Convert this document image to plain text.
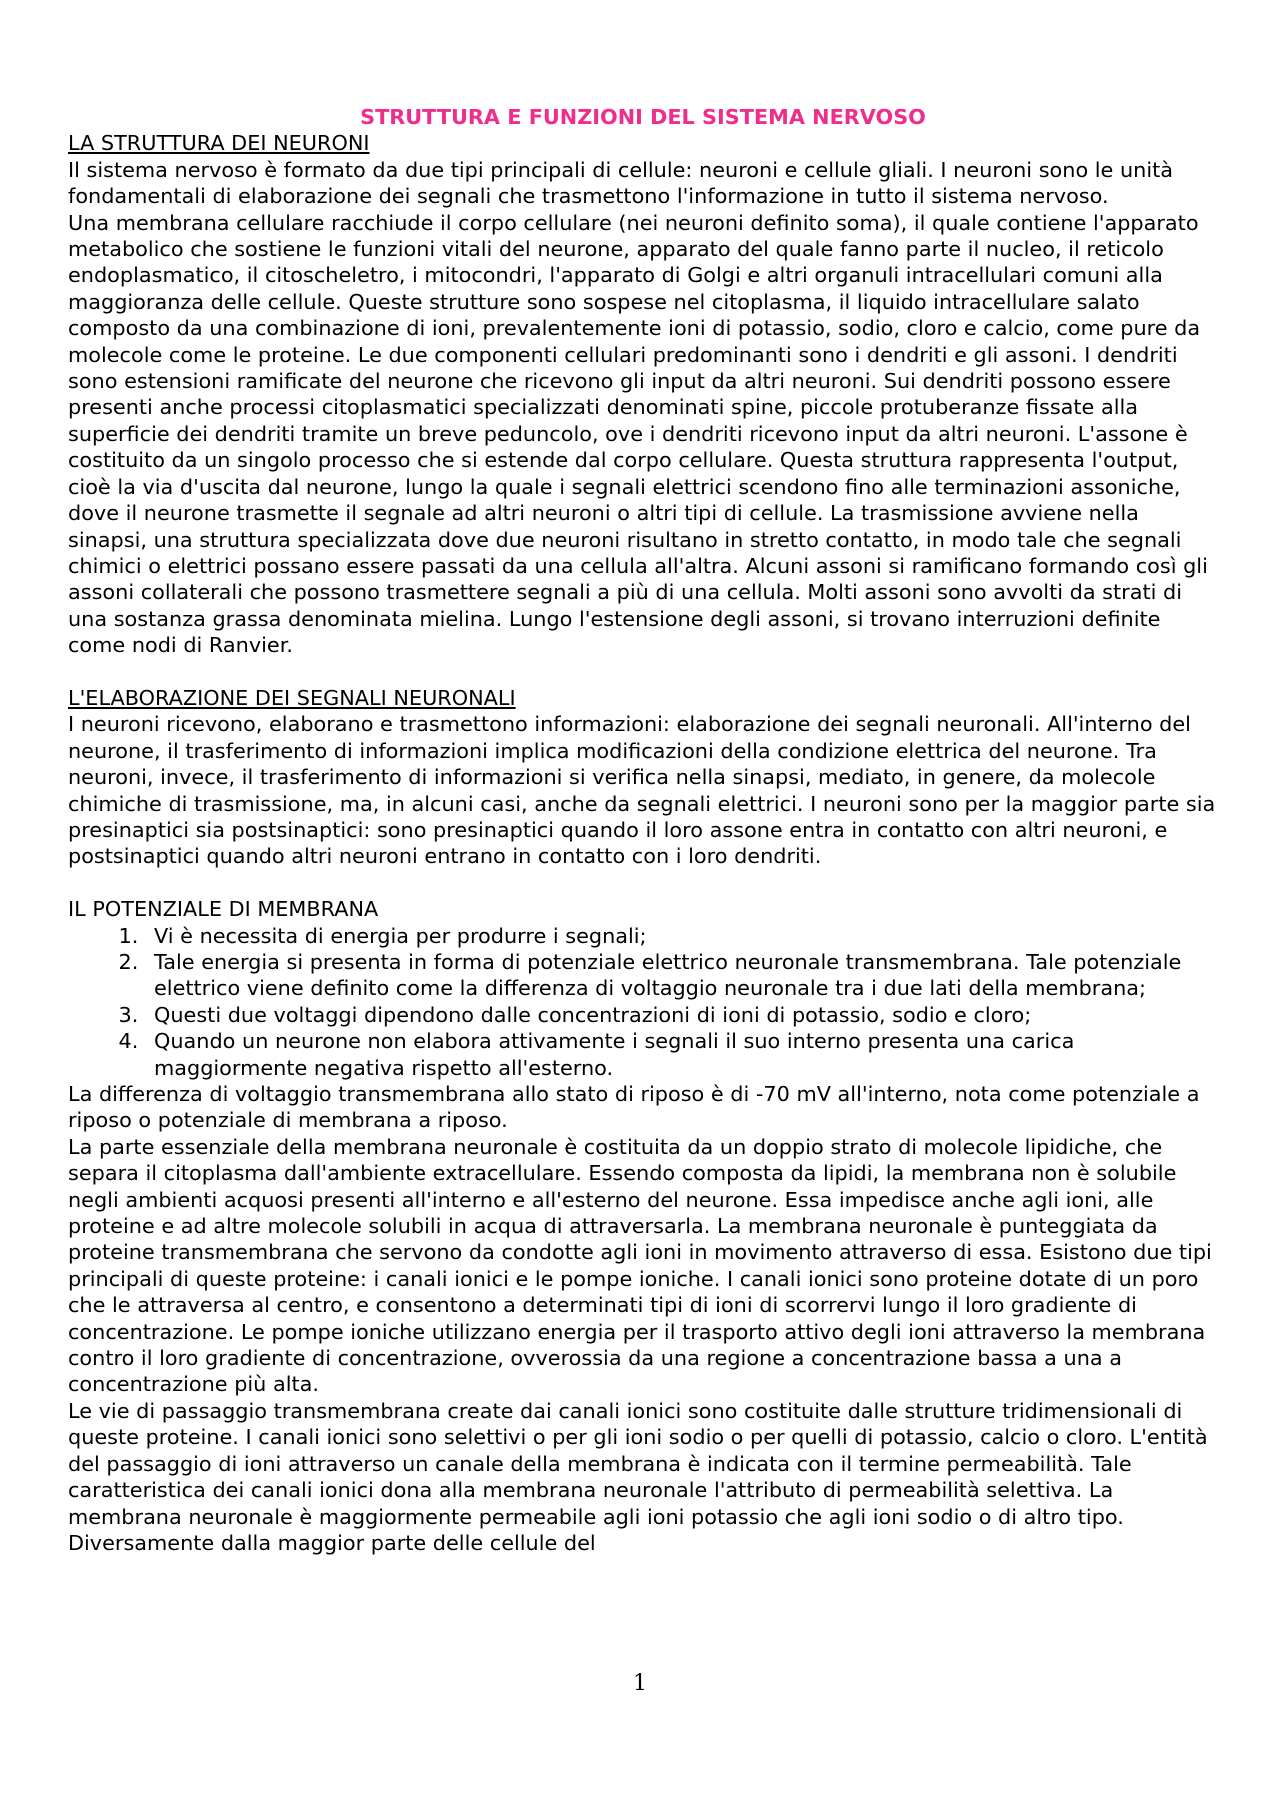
STRUTTURA E FUNZIONI DEL SISTEMA NERVOSO
LA STRUTTURA DEI NEURONI

Il sistema nervoso è formato da due tipi principali di cellule: neuroni e cellule gliali. I neuroni sono le unità fondamentali di elaborazione dei segnali che trasmettono l'informazione in tutto il sistema nervoso.

Una membrana cellulare racchiude il corpo cellulare (nei neuroni definito soma), il quale contiene l'apparato metabolico che sostiene le funzioni vitali del neurone, apparato del quale fanno parte il nucleo, il reticolo endoplasmatico, il citoscheletro, i mitocondri, l'apparato di Golgi e altri organuli intracellulari comuni alla maggioranza delle cellule. Queste strutture sono sospese nel citoplasma, il liquido intracellulare salato composto da una combinazione di ioni, prevalentemente ioni di potassio, sodio, cloro e calcio, come pure da molecole come le proteine. Le due componenti cellulari predominanti sono i dendriti e gli assoni. I dendriti sono estensioni ramificate del neurone che ricevono gli input da altri neuroni. Sui dendriti possono essere presenti anche processi citoplasmatici specializzati denominati spine, piccole protuberanze fissate alla superficie dei dendriti tramite un breve peduncolo, ove i dendriti ricevono input da altri neuroni. L'assone è costituito da un singolo processo che si estende dal corpo cellulare. Questa struttura rappresenta l'output, cioè la via d'uscita dal neurone, lungo la quale i segnali elettrici scendono fino alle terminazioni assoniche, dove il neurone trasmette il segnale ad altri neuroni o altri tipi di cellule. La trasmissione avviene nella sinapsi, una struttura specializzata dove due neuroni risultano in stretto contatto, in modo tale che segnali chimici o elettrici possano essere passati da una cellula all'altra. Alcuni assoni si ramificano formando così gli assoni collaterali che possono trasmettere segnali a più di una cellula. Molti assoni sono avvolti da strati di una sostanza grassa denominata mielina. Lungo l'estensione degli assoni, si trovano interruzioni definite come nodi di Ranvier.

L'ELABORAZIONE DEI SEGNALI NEURONALI

I neuroni ricevono, elaborano e trasmettono informazioni: elaborazione dei segnali neuronali. All'interno del neurone, il trasferimento di informazioni implica modificazioni della condizione elettrica del neurone. Tra neuroni, invece, il trasferimento di informazioni si verifica nella sinapsi, mediato, in genere, da molecole chimiche di trasmissione, ma, in alcuni casi, anche da segnali elettrici. I neuroni sono per la maggior parte sia presinaptici sia postsinaptici: sono presinaptici quando il loro assone entra in contatto con altri neuroni, e postsinaptici quando altri neuroni entrano in contatto con i loro dendriti.

IL POTENZIALE DI MEMBRANA
1. Vi è necessita di energia per produrre i segnali;
2. Tale energia si presenta in forma di potenziale elettrico neuronale transmembrana. Tale potenziale elettrico viene definito come la differenza di voltaggio neuronale tra i due lati della membrana;
3. Questi due voltaggi dipendono dalle concentrazioni di ioni di potassio, sodio e cloro;
4. Quando un neurone non elabora attivamente i segnali il suo interno presenta una carica maggiormente negativa rispetto all'esterno.

La differenza di voltaggio transmembrana allo stato di riposo è di -70 mV all'interno, nota come potenziale a riposo o potenziale di membrana a riposo.

La parte essenziale della membrana neuronale è costituita da un doppio strato di molecole lipidiche, che separa il citoplasma dall'ambiente extracellulare. Essendo composta da lipidi, la membrana non è solubile negli ambienti acquosi presenti all'interno e all'esterno del neurone. Essa impedisce anche agli ioni, alle proteine e ad altre molecole solubili in acqua di attraversarla. La membrana neuronale è punteggiata da proteine transmembrana che servono da condotte agli ioni in movimento attraverso di essa. Esistono due tipi principali di queste proteine: i canali ionici e le pompe ioniche. I canali ionici sono proteine dotate di un poro che le attraversa al centro, e consentono a determinati tipi di ioni di scorrervi lungo il loro gradiente di concentrazione. Le pompe ioniche utilizzano energia per il trasporto attivo degli ioni attraverso la membrana contro il loro gradiente di concentrazione, ovverossia da una regione a concentrazione bassa a una a concentrazione più alta.

Le vie di passaggio transmembrana create dai canali ionici sono costituite dalle strutture tridimensionali di queste proteine. I canali ionici sono selettivi o per gli ioni sodio o per quelli di potassio, calcio o cloro. L'entità del passaggio di ioni attraverso un canale della membrana è indicata con il termine permeabilità. Tale caratteristica dei canali ionici dona alla membrana neuronale l'attributo di permeabilità selettiva. La membrana neuronale è maggiormente permeabile agli ioni potassio che agli ioni sodio o di altro tipo. Diversamente dalla maggior parte delle cellule del

1
